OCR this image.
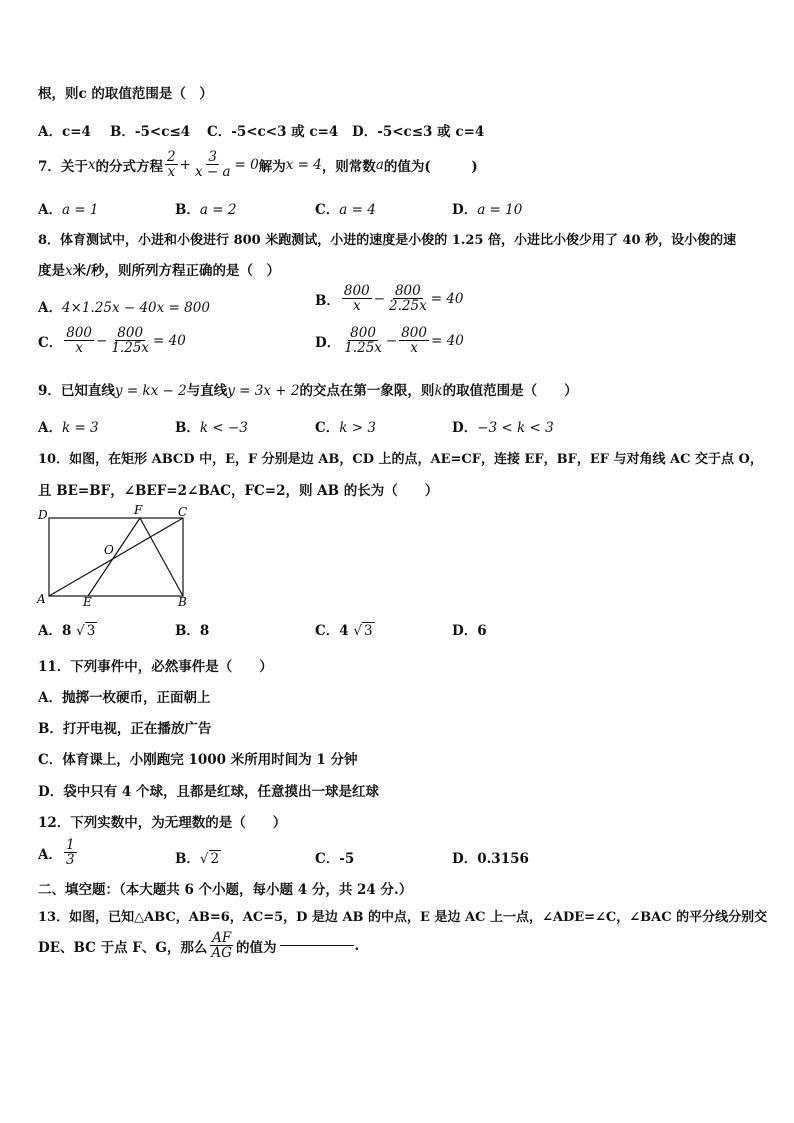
根，则c 的取值范围是（　）
A．c=4 B．-5<c≤4 C．-5<c<3 或 c=4 D．-5<c≤3 或 c=4
7．关于 x 的分式方程 $\frac{2}{x} + \frac{3}{x - a} = 0$ 解为 x = 4 ，则常数 a 的值为(　　　)
A．a = 1	B．a = 2	C．a = 4	D．a = 10
8．体育测试中，小进和小俊进行 800 米跑测试，小进的速度是小俊的 1.25 倍，小进比小俊少用了 40 秒，设小俊的速
度是x米/秒，则所列方程正确的是（　）
A．4×1.25x − 40x = 800	B． $\frac{800}{x} - \frac{800}{2.25x} = 40$
C． $\frac{800}{x} - \frac{800}{1.25x} = 40$	D． $\frac{800}{1.25x} - \frac{800}{x} = 40$
9．已知直线y = kx − 2与直线y = 3x + 2的交点在第一象限，则k的取值范围是（　　）
A．k = 3	B．k < −3	C．k > 3	D．−3 < k < 3
10．如图，在矩形 ABCD 中，E，F 分别是边 AB，CD 上的点，AE=CF，连接 EF，BF，EF 与对角线 AC 交于点 O，
且 BE=BF，∠BEF=2∠BAC，FC=2，则 AB 的长为（　　）
D	F	C
O
A	E	B
A．8 √ 3	B．8	C．4 √ 3	D．6
11．下列事件中，必然事件是（　　）
A．抛掷一枚硬币，正面朝上
B．打开电视，正在播放广告
C．体育课上，小刚跑完 1000 米所用时间为 1 分钟
D．袋中只有 4 个球，且都是红球，任意摸出一球是红球
12．下列实数中，为无理数的是（　　）
A． $\frac{1}{3}$	B．√ 2	C．-5	D．0.3156
二、填空题：（本大题共 6 个小题，每小题 4 分，共 24 分.）
13．如图，已知△ABC，AB=6，AC=5，D 是边 AB 的中点，E 是边 AC 上一点，∠ADE=∠C，∠BAC 的平分线分别交
DE、BC 于点 F、G，那么 $\frac{AF}{AG}$ 的值为	.
